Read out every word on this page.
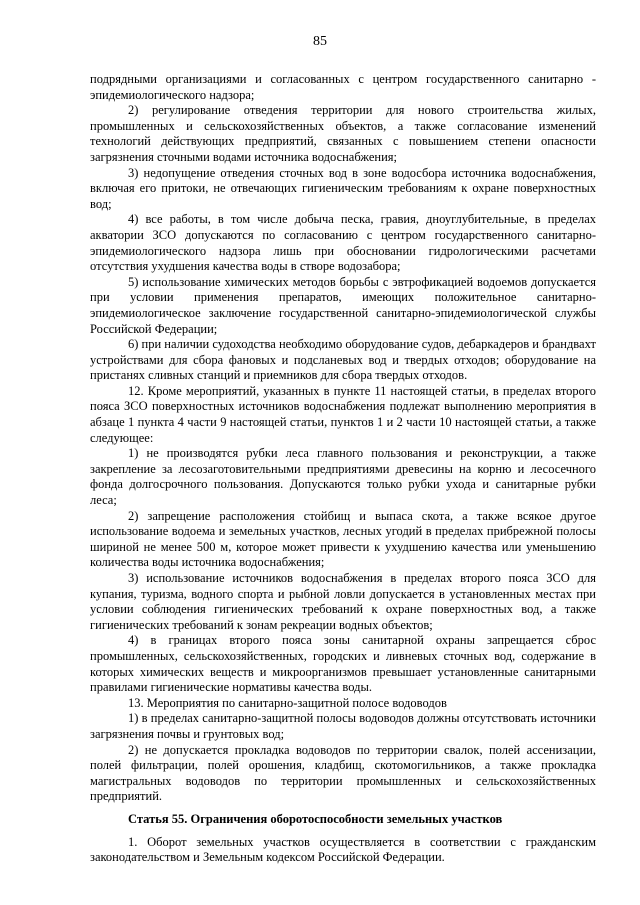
85

подрядными организациями и согласованных с центром государственного санитарно - эпидемиологического надзора;

2) регулирование отведения территории для нового строительства жилых, промышленных и сельскохозяйственных объектов, а также согласование изменений технологий действующих предприятий, связанных с повышением степени опасности загрязнения сточными водами источника водоснабжения;

3) недопущение отведения сточных вод в зоне водосбора источника водоснабжения, включая его притоки, не отвечающих гигиеническим требованиям к охране поверхностных вод;

4) все работы, в том числе добыча песка, гравия, дноуглубительные, в пределах акватории ЗСО допускаются по согласованию с центром государственного санитарно-эпидемиологического надзора лишь при обосновании гидрологическими расчетами отсутствия ухудшения качества воды в створе водозабора;

5) использование химических методов борьбы с эвтрофикацией водоемов допускается при условии применения препаратов, имеющих положительное санитарно-эпидемиологическое заключение государственной санитарно-эпидемиологической службы Российской Федерации;

6) при наличии судоходства необходимо оборудование судов, дебаркадеров и брандвахт устройствами для сбора фановых и подсланевых вод и твердых отходов; оборудование на пристанях сливных станций и приемников для сбора твердых отходов.

12. Кроме мероприятий, указанных в пункте 11 настоящей статьи, в пределах второго пояса ЗСО поверхностных источников водоснабжения подлежат выполнению мероприятия в абзаце 1 пункта 4 части 9 настоящей статьи, пунктов 1 и 2 части 10 настоящей статьи, а также следующее:

1) не производятся рубки леса главного пользования и реконструкции, а также закрепление за лесозаготовительными предприятиями древесины на корню и лесосечного фонда долгосрочного пользования. Допускаются только рубки ухода и санитарные рубки леса;

2) запрещение расположения стойбищ и выпаса скота, а также всякое другое использование водоема и земельных участков, лесных угодий в пределах прибрежной полосы шириной не менее 500 м, которое может привести к ухудшению качества или уменьшению количества воды источника водоснабжения;

3) использование источников водоснабжения в пределах второго пояса ЗСО для купания, туризма, водного спорта и рыбной ловли допускается в установленных местах при условии соблюдения гигиенических требований к охране поверхностных вод, а также гигиенических требований к зонам рекреации водных объектов;

4) в границах второго пояса зоны санитарной охраны запрещается сброс промышленных, сельскохозяйственных, городских и ливневых сточных вод, содержание в которых химических веществ и микроорганизмов превышает установленные санитарными правилами гигиенические нормативы качества воды.

13. Мероприятия по санитарно-защитной полосе водоводов

1) в пределах санитарно-защитной полосы водоводов должны отсутствовать источники загрязнения почвы и грунтовых вод;

2) не допускается прокладка водоводов по территории свалок, полей ассенизации, полей фильтрации, полей орошения, кладбищ, скотомогильников, а также прокладка магистральных водоводов по территории промышленных и сельскохозяйственных предприятий.

Статья 55. Ограничения оборотоспособности земельных участков

1. Оборот земельных участков осуществляется в соответствии с гражданским законодательством и Земельным кодексом Российской Федерации.
